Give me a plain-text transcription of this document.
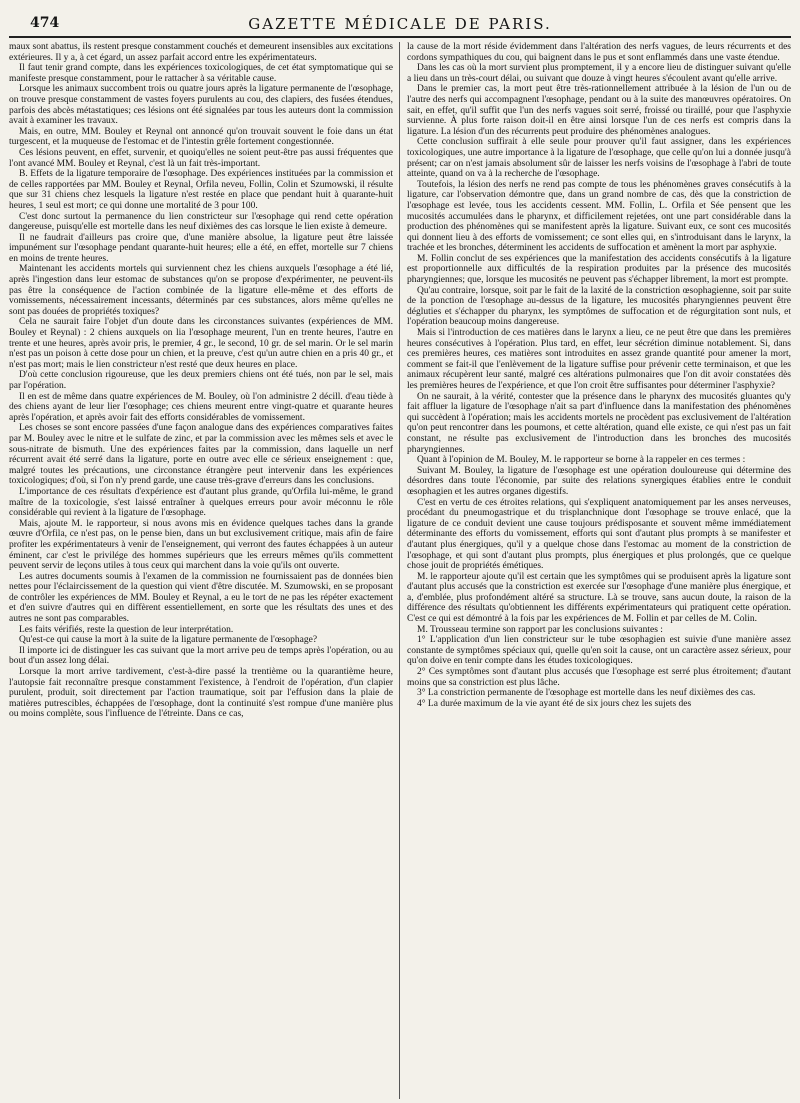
474	GAZETTE MÉDICALE DE PARIS.

maux sont abattus, ils restent presque constamment couchés et demeurent insensibles aux excitations extérieures. Il y a, à cet égard, un assez parfait accord entre les expérimentateurs.

Il faut tenir grand compte, dans les expériences toxicologiques, de cet état symptomatique qui se manifeste presque constamment, pour le rattacher à sa véritable cause.

Lorsque les animaux succombent trois ou quatre jours après la ligature permanente de l'œsophage, on trouve presque constamment de vastes foyers purulents au cou, des clapiers, des fusées étendues, parfois des abcès métastatiques; ces lésions ont été signalées par tous les auteurs dont la commission avait à examiner les travaux.

Mais, en outre, MM. Bouley et Reynal ont annoncé qu'on trouvait souvent le foie dans un état turgescent, et la muqueuse de l'estomac et de l'intestin grêle fortement congestionnée.

Ces lésions peuvent, en effet, survenir, et quoiqu'elles ne soient peut-être pas aussi fréquentes que l'ont avancé MM. Bouley et Reynal, c'est là un fait très-important.

B. Effets de la ligature temporaire de l'œsophage. Des expériences instituées par la commission et de celles rapportées par MM. Bouley et Reynal, Orfila neveu, Follin, Colin et Szumowski, il résulte que sur 31 chiens chez lesquels la ligature n'est restée en place que pendant huit à quarante-huit heures, 1 seul est mort; ce qui donne une mortalité de 3 pour 100.

C'est donc surtout la permanence du lien constricteur sur l'œsophage qui rend cette opération dangereuse, puisqu'elle est mortelle dans les neuf dixièmes des cas lorsque le lien existe à demeure.

Il ne faudrait d'ailleurs pas croire que, d'une manière absolue, la ligature peut être laissée impunément sur l'œsophage pendant quarante-huit heures; elle a été, en effet, mortelle sur 7 chiens en moins de trente heures.

Maintenant les accidents mortels qui surviennent chez les chiens auxquels l'œsophage a été lié, après l'ingestion dans leur estomac de substances qu'on se propose d'expérimenter, ne peuvent-ils pas être la conséquence de l'action combinée de la ligature elle-même et des efforts de vomissements, nécessairement incessants, déterminés par ces substances, alors même qu'elles ne sont pas douées de propriétés toxiques?

Cela ne saurait faire l'objet d'un doute dans les circonstances suivantes (expériences de MM. Bouley et Reynal) : 2 chiens auxquels on lia l'œsophage meurent, l'un en trente heures, l'autre en trente et une heures, après avoir pris, le premier, 4 gr., le second, 10 gr. de sel marin. Or le sel marin n'est pas un poison à cette dose pour un chien, et la preuve, c'est qu'un autre chien en a pris 40 gr., et n'est pas mort; mais le lien constricteur n'est resté que deux heures en place.

D'où cette conclusion rigoureuse, que les deux premiers chiens ont été tués, non par le sel, mais par l'opération.

Il en est de même dans quatre expériences de M. Bouley, où l'on administre 2 décill. d'eau tiède à des chiens ayant de leur lier l'œsophage; ces chiens meurent entre vingt-quatre et quarante heures après l'opération, et après avoir fait des efforts considérables de vomissement.

Les choses se sont encore passées d'une façon analogue dans des expériences comparatives faites par M. Bouley avec le nitre et le sulfate de zinc, et par la commission avec les mêmes sels et avec le sous-nitrate de bismuth. Une des expériences faites par la commission, dans laquelle un nerf récurrent avait été serré dans la ligature, porte en outre avec elle ce sérieux enseignement : que, malgré toutes les précautions, une circonstance étrangère peut intervenir dans les expériences toxicologiques; d'où, si l'on n'y prend garde, une cause très-grave d'erreurs dans les conclusions.

L'importance de ces résultats d'expérience est d'autant plus grande, qu'Orfila lui-même, le grand maître de la toxicologie, s'est laissé entraîner à quelques erreurs pour avoir méconnu le rôle considérable qui revient à la ligature de l'œsophage.

Mais, ajoute M. le rapporteur, si nous avons mis en évidence quelques taches dans la grande œuvre d'Orfila, ce n'est pas, on le pense bien, dans un but exclusivement critique, mais afin de faire profiter les expérimentateurs à venir de l'enseignement, qui verront des fautes échappées à un auteur éminent, car c'est le privilége des hommes supérieurs que les erreurs mêmes qu'ils commettent peuvent servir de leçons utiles à tous ceux qui marchent dans la voie qu'ils ont ouverte.

Les autres documents soumis à l'examen de la commission ne fournissaient pas de données bien nettes pour l'éclaircissement de la question qui vient d'être discutée. M. Szumowski, en se proposant de contrôler les expériences de MM. Bouley et Reynal, a eu le tort de ne pas les répéter exactement et d'en suivre d'autres qui en diffèrent essentiellement, en sorte que les résultats des unes et des autres ne sont pas comparables.

Les faits vérifiés, reste la question de leur interprétation.

Qu'est-ce qui cause la mort à la suite de la ligature permanente de l'œsophage?

Il importe ici de distinguer les cas suivant que la mort arrive peu de temps après l'opération, ou au bout d'un assez long délai.

Lorsque la mort arrive tardivement, c'est-à-dire passé la trentième ou la quarantième heure, l'autopsie fait reconnaître presque constamment l'existence, à l'endroit de l'opération, d'un clapier purulent, produit, soit directement par l'action traumatique, soit par l'effusion dans la plaie de matières putrescibles, échappées de l'œsophage, dont la continuité s'est rompue d'une manière plus ou moins complète, sous l'influence de l'étreinte. Dans ce cas,

la cause de la mort réside évidemment dans l'altération des nerfs vagues, de leurs récurrents et des cordons sympathiques du cou, qui baignent dans le pus et sont enflammés dans une vaste étendue.

Dans les cas où la mort survient plus promptement, il y a encore lieu de distinguer suivant qu'elle a lieu dans un très-court délai, ou suivant que douze à vingt heures s'écoulent avant qu'elle arrive.

Dans le premier cas, la mort peut être très-rationnellement attribuée à la lésion de l'un ou de l'autre des nerfs qui accompagnent l'œsophage, pendant ou à la suite des manœuvres opératoires. On sait, en effet, qu'il suffit que l'un des nerfs vagues soit serré, froissé ou tiraillé, pour que l'asphyxie survienne. À plus forte raison doit-il en être ainsi lorsque l'un de ces nerfs est compris dans la ligature. La lésion d'un des récurrents peut produire des phénomènes analogues.

Cette conclusion suffirait à elle seule pour prouver qu'il faut assigner, dans les expériences toxicologiques, une autre importance à la ligature de l'œsophage, que celle qu'on lui a donnée jusqu'à présent; car on n'est jamais absolument sûr de laisser les nerfs voisins de l'œsophage à l'abri de toute atteinte, quand on va à la recherche de l'œsophage.

Toutefois, la lésion des nerfs ne rend pas compte de tous les phénomènes graves consécutifs à la ligature, car l'observation démontre que, dans un grand nombre de cas, dès que la constriction de l'œsophage est levée, tous les accidents cessent. MM. Follin, L. Orfila et Sée pensent que les mucosités accumulées dans le pharynx, et difficilement rejetées, ont une part considérable dans la production des phénomènes qui se manifestent après la ligature. Suivant eux, ce sont ces mucosités qui donnent lieu à des efforts de vomissement; ce sont elles qui, en s'introduisant dans le larynx, la trachée et les bronches, déterminent les accidents de suffocation et amènent la mort par asphyxie.

M. Follin conclut de ses expériences que la manifestation des accidents consécutifs à la ligature est proportionnelle aux difficultés de la respiration produites par la présence des mucosités pharyngiennes; que, lorsque les mucosités ne peuvent pas s'échapper librement, la mort est prompte.

Qu'au contraire, lorsque, soit par le fait de la laxité de la constriction œsophagienne, soit par suite de la ponction de l'œsophage au-dessus de la ligature, les mucosités pharyngiennes peuvent être dégluties et s'échapper du pharynx, les symptômes de suffocation et de régurgitation sont nuls, et l'opération beaucoup moins dangereuse.

Mais si l'introduction de ces matières dans le larynx a lieu, ce ne peut être que dans les premières heures consécutives à l'opération. Plus tard, en effet, leur sécrétion diminue notablement. Si, dans ces premières heures, ces matières sont introduites en assez grande quantité pour amener la mort, comment se fait-il que l'enlèvement de la ligature suffise pour prévenir cette terminaison, et que les animaux récupèrent leur santé, malgré ces altérations pulmonaires que l'on dit avoir constatées dès les premières heures de l'expérience, et que l'on croit être suffisantes pour déterminer l'asphyxie?

On ne saurait, à la vérité, contester que la présence dans le pharynx des mucosités gluantes qu'y fait affluer la ligature de l'œsophage n'ait sa part d'influence dans la manifestation des phénomènes qui succèdent à l'opération; mais les accidents mortels ne procèdent pas exclusivement de l'altération qu'on peut rencontrer dans les poumons, et cette altération, quand elle existe, ce qui n'est pas un fait constant, ne résulte pas exclusivement de l'introduction dans les bronches des mucosités pharyngiennes.

Quant à l'opinion de M. Bouley, M. le rapporteur se borne à la rappeler en ces termes :

Suivant M. Bouley, la ligature de l'œsophage est une opération douloureuse qui détermine des désordres dans toute l'économie, par suite des relations synergiques établies entre le conduit œsophagien et les autres organes digestifs.

C'est en vertu de ces étroites relations, qui s'expliquent anatomiquement par les anses nerveuses, procédant du pneumogastrique et du trisplanchnique dont l'œsophage se trouve enlacé, que la ligature de ce conduit devient une cause toujours prédisposante et souvent même immédiatement déterminante des efforts du vomissement, efforts qui sont d'autant plus prompts à se manifester et d'autant plus énergiques, qu'il y a quelque chose dans l'estomac au moment de la constriction de l'œsophage, et qui sont d'autant plus prompts, plus énergiques et plus prolongés, que ce quelque chose jouit de propriétés émétiques.

M. le rapporteur ajoute qu'il est certain que les symptômes qui se produisent après la ligature sont d'autant plus accusés que la constriction est exercée sur l'œsophage d'une manière plus énergique, et a, d'emblée, plus profondément altéré sa structure. Là se trouve, sans aucun doute, la raison de la différence des résultats qu'obtiennent les différents expérimentateurs qui pratiquent cette opération. C'est ce qui est démontré à la fois par les expériences de M. Follin et par celles de M. Colin.

M. Trousseau termine son rapport par les conclusions suivantes :

1° L'application d'un lien constricteur sur le tube œsophagien est suivie d'une manière assez constante de symptômes spéciaux qui, quelle qu'en soit la cause, ont un caractère assez sérieux, pour qu'on doive en tenir compte dans les études toxicologiques.

2° Ces symptômes sont d'autant plus accusés que l'œsophage est serré plus étroitement; d'autant moins que sa constriction est plus lâche.

3° La constriction permanente de l'œsophage est mortelle dans les neuf dixièmes des cas.

4° La durée maximum de la vie ayant été de six jours chez les sujets des
